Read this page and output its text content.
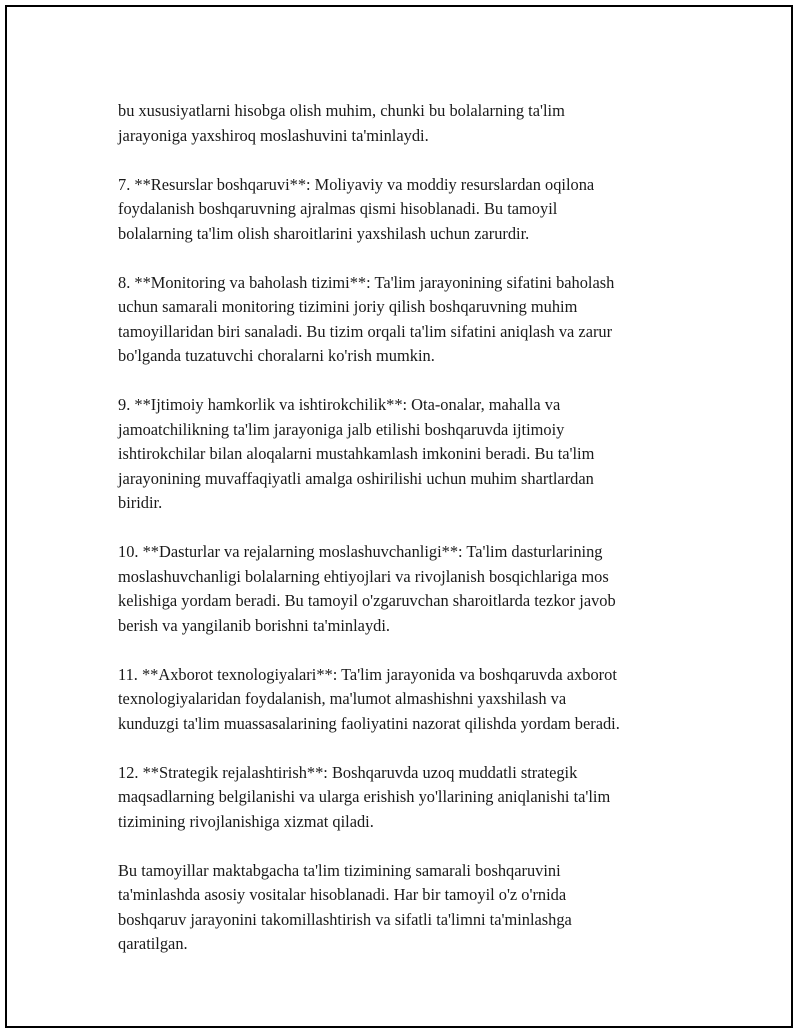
bu xususiyatlarni hisobga olish muhim, chunki bu bolalarning ta'lim
jarayoniga yaxshiroq moslashuvini ta'minlaydi.

7. **Resurslar boshqaruvi**: Moliyaviy va moddiy resurslardan oqilona
foydalanish boshqaruvning ajralmas qismi hisoblanadi. Bu tamoyil
bolalarning ta'lim olish sharoitlarini yaxshilash uchun zarurdir.

8. **Monitoring va baholash tizimi**: Ta'lim jarayonining sifatini baholash
uchun samarali monitoring tizimini joriy qilish boshqaruvning muhim
tamoyillaridan biri sanaladi. Bu tizim orqali ta'lim sifatini aniqlash va zarur
bo'lganda tuzatuvchi choralarni ko'rish mumkin.

9. **Ijtimoiy hamkorlik va ishtirokchilik**: Ota-onalar, mahalla va
jamoatchilikning ta'lim jarayoniga jalb etilishi boshqaruvda ijtimoiy
ishtirokchilar bilan aloqalarni mustahkamlash imkonini beradi. Bu ta'lim
jarayonining muvaffaqiyatli amalga oshirilishi uchun muhim shartlardan
biridir.

10. **Dasturlar va rejalarning moslashuvchanligi**: Ta'lim dasturlarining
moslashuvchanligi bolalarning ehtiyojlari va rivojlanish bosqichlariga mos
kelishiga yordam beradi. Bu tamoyil o'zgaruvchan sharoitlarda tezkor javob
berish va yangilanib borishni ta'minlaydi.

11. **Axborot texnologiyalari**: Ta'lim jarayonida va boshqaruvda axborot
texnologiyalaridan foydalanish, ma'lumot almashishni yaxshilash va
kunduzgi ta'lim muassasalarining faoliyatini nazorat qilishda yordam beradi.

12. **Strategik rejalashtirish**: Boshqaruvda uzoq muddatli strategik
maqsadlarning belgilanishi va ularga erishish yo'llarining aniqlanishi ta'lim
tizimining rivojlanishiga xizmat qiladi.

Bu tamoyillar maktabgacha ta'lim tizimining samarali boshqaruvini
ta'minlashda asosiy vositalar hisoblanadi. Har bir tamoyil o'z o'rnida
boshqaruv jarayonini takomillashtirish va sifatli ta'limni ta'minlashga
qaratilgan.
